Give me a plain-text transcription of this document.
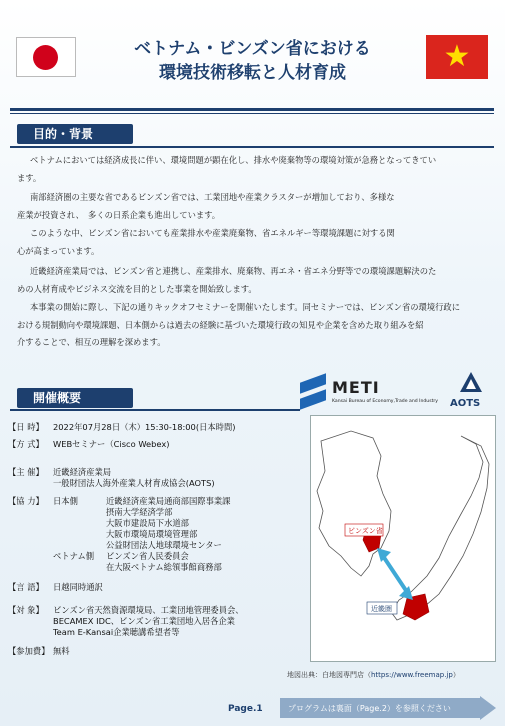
★
ベトナム・ビンズン省における
環境技術移転と人材育成
目的・背景
ベトナムにおいては経済成長に伴い、環境問題が顕在化し、排水や廃棄物等の環境対策が急務となってきてい
ます。
南部経済圏の主要な省であるビンズン省では、工業団地や産業クラスターが増加しており、多様な
産業が投資され、　多くの日系企業も進出しています。
このような中、ビンズン省においても産業排水や産業廃棄物、省エネルギー等環境課題に対する関
心が高まっています。
近畿経済産業局では、ビンズン省と連携し、産業排水、廃棄物、再エネ・省エネ分野等での環境課題解決のた
めの人材育成やビジネス交流を目的とした事業を開始致します。
本事業の開始に際し、下記の通りキックオフセミナーを開催いたします。同セミナーでは、ビンズン省の環境行政に
おける規制動向や環境課題、日本側からは過去の経験に基づいた環境行政の知見や企業を含めた取り組みを紹
介することで、相互の理解を深めます。
METI
Kansai Bureau of Economy,Trade and Industry AOTS
開催概要
【日 時】 2022年07月28日（木）15:30-18:00(日本時間)
【方 式】 WEBセミナー（Cisco Webex)
【主 催】 近畿経済産業局
一般財団法人海外産業人材育成協会(AOTS)
【協 力】 日本側	近畿経済産業局通商部国際事業課
摂南大学経済学部
大阪市建設局下水道部
大阪市環境局環境管理部
公益財団法人地球環境センター
ベトナム側 ビンズン省人民委員会
在大阪ベトナム総領事館商務部
【言 語】 日越同時通訳
【対 象】 ビンズン省天然資源環境局、工業団地管理委員会、
BECAMEX IDC、ビンズン省工業団地入居各企業
Team E-Kansai企業聴講希望者等
【参加費】 無料
ビンズン省
近畿圏
地図出典：白地図専門店（https://www.freemap.jp）
Page.1	プログラムは裏面（Page.2）を参照ください
